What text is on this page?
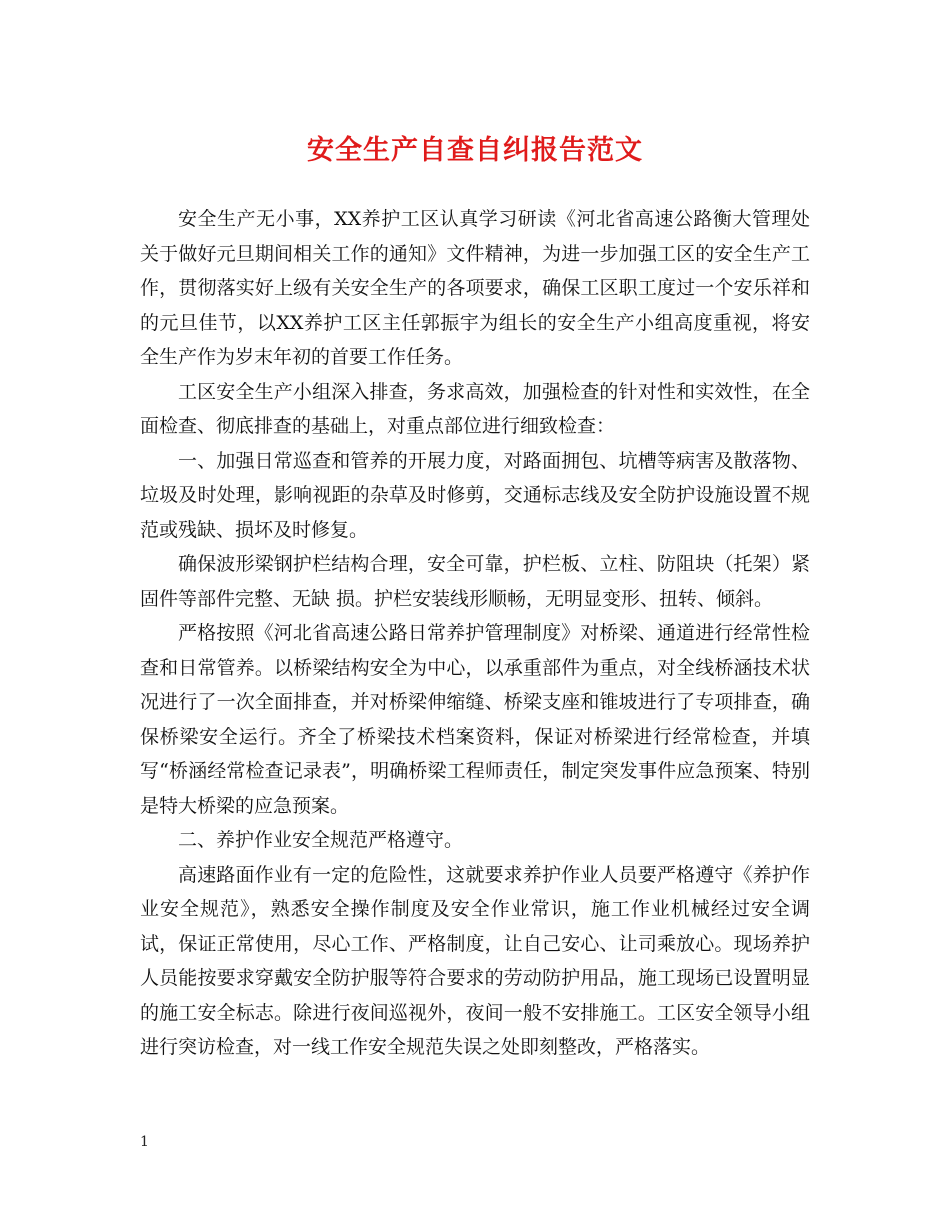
安全生产自查自纠报告范文

安全生产无小事，XX养护工区认真学习研读《河北省高速公路衡大管理处关于做好元旦期间相关工作的通知》文件精神，为进一步加强工区的安全生产工作，贯彻落实好上级有关安全生产的各项要求，确保工区职工度过一个安乐祥和的元旦佳节，以XX养护工区主任郭振宇为组长的安全生产小组高度重视，将安全生产作为岁末年初的首要工作任务。

工区安全生产小组深入排查，务求高效，加强检查的针对性和实效性，在全面检查、彻底排查的基础上，对重点部位进行细致检查：

一、加强日常巡查和管养的开展力度，对路面拥包、坑槽等病害及散落物、垃圾及时处理，影响视距的杂草及时修剪，交通标志线及安全防护设施设置不规范或残缺、损坏及时修复。

确保波形梁钢护栏结构合理，安全可靠，护栏板、立柱、防阻块（托架）紧固件等部件完整、无缺 损。护栏安装线形顺畅，无明显变形、扭转、倾斜。

严格按照《河北省高速公路日常养护管理制度》对桥梁、通道进行经常性检查和日常管养。以桥梁结构安全为中心，以承重部件为重点，对全线桥涵技术状况进行了一次全面排查，并对桥梁伸缩缝、桥梁支座和锥坡进行了专项排查，确保桥梁安全运行。齐全了桥梁技术档案资料，保证对桥梁进行经常检查，并填写“桥涵经常检查记录表”，明确桥梁工程师责任，制定突发事件应急预案、特别是特大桥梁的应急预案。

二、养护作业安全规范严格遵守。

高速路面作业有一定的危险性，这就要求养护作业人员要严格遵守《养护作业安全规范》，熟悉安全操作制度及安全作业常识，施工作业机械经过安全调试，保证正常使用，尽心工作、严格制度，让自己安心、让司乘放心。现场养护人员能按要求穿戴安全防护服等符合要求的劳动防护用品，施工现场已设置明显的施工安全标志。除进行夜间巡视外，夜间一般不安排施工。工区安全领导小组进行突访检查，对一线工作安全规范失误之处即刻整改，严格落实。

1
